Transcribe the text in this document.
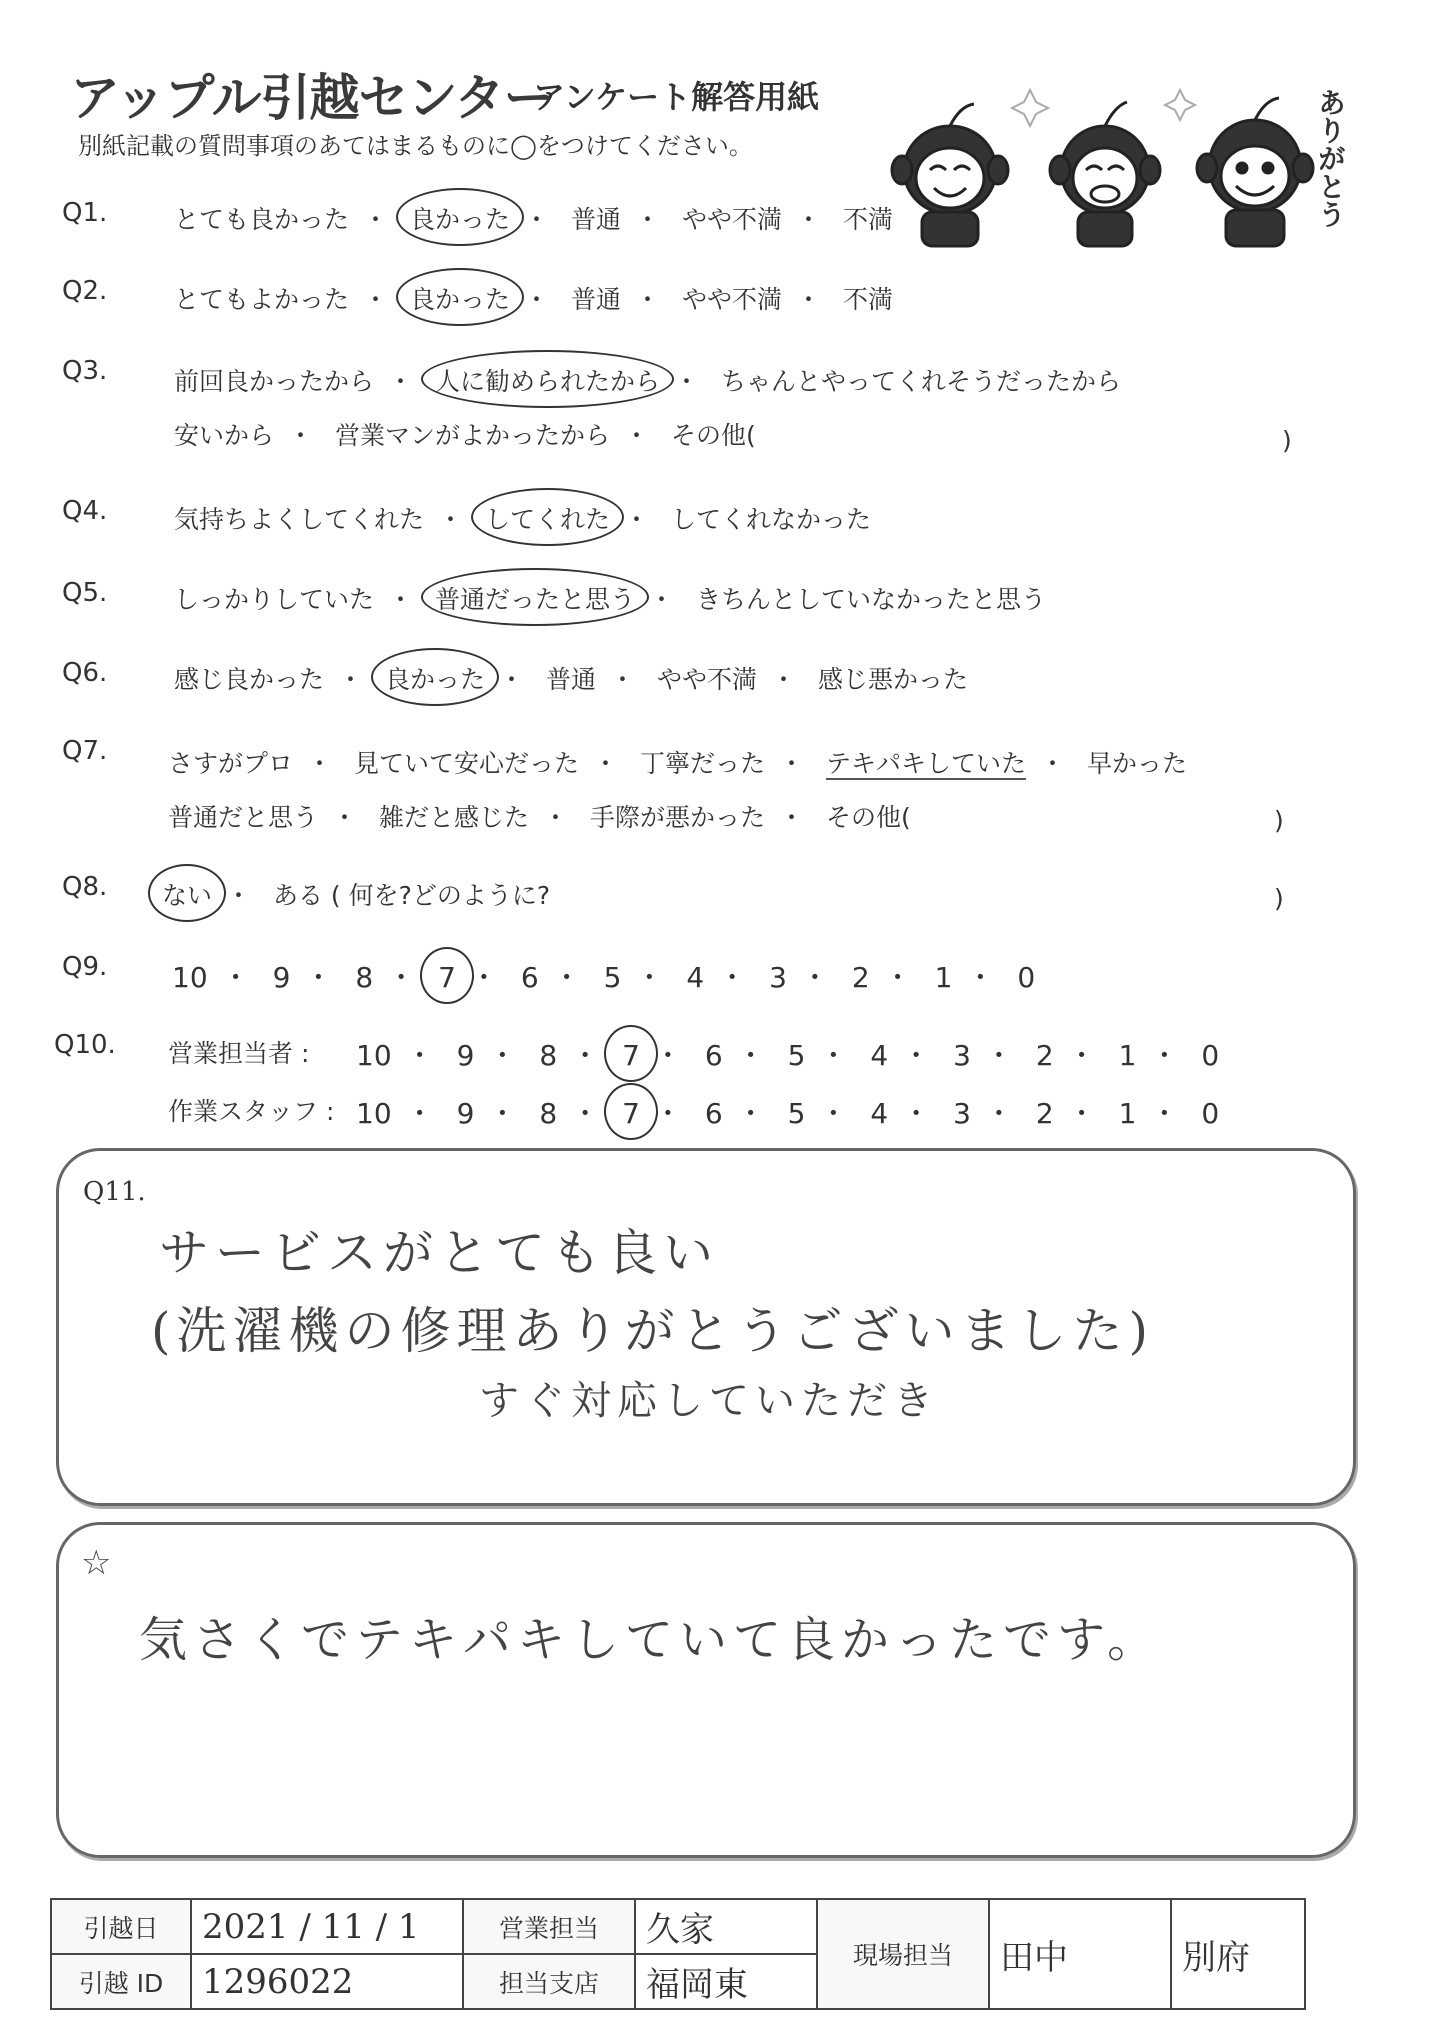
アップル引越センター
アンケート解答用紙
別紙記載の質問事項のあてはまるものに◯をつけてください。	ありがとう
Q1.	とても良かった ・ 良かった ・ 普通 ・ やや不満 ・ 不満
Q2.	とてもよかった ・ 良かった ・ 普通 ・ やや不満 ・ 不満
Q3.	前回良かったから ・ 人に勧められたから ・ ちゃんとやってくれそうだったから
安いから ・ 営業マンがよかったから ・ その他(	)
Q4.	気持ちよくしてくれた ・ してくれた ・ してくれなかった
Q5.	しっかりしていた ・ 普通だったと思う ・ きちんとしていなかったと思う
Q6.	感じ良かった ・ 良かった ・ 普通 ・ やや不満 ・ 感じ悪かった
Q7. さすがプロ ・ 見ていて安心だった ・ 丁寧だった ・ テキパキしていた ・ 早かった
普通だと思う ・ 雑だと感じた ・ 手際が悪かった ・ その他(	)
Q8. ない ・ ある ( 何を?どのように?	)
Q9. 10 ・ 9 ・ 8 ・ 7 ・ 6 ・ 5 ・ 4 ・ 3 ・ 2 ・ 1 ・ 0
Q10. 営業担当者 : 10 ・ 9 ・ 8 ・ 7 ・ 6 ・ 5 ・ 4 ・ 3 ・ 2 ・ 1 ・ 0
作業スタッフ : 10 ・ 9 ・ 8 ・ 7 ・ 6 ・ 5 ・ 4 ・ 3 ・ 2 ・ 1 ・ 0
Q11.
サービスがとても良い
(洗濯機の修理ありがとうございました)
すぐ対応していただき
☆
気さくでテキパキしていて良かったです。
引越日	2021 / 11 / 1	営業担当	久家	現場担当	田中	別府
引越 ID	1296022	担当支店	福岡東			
